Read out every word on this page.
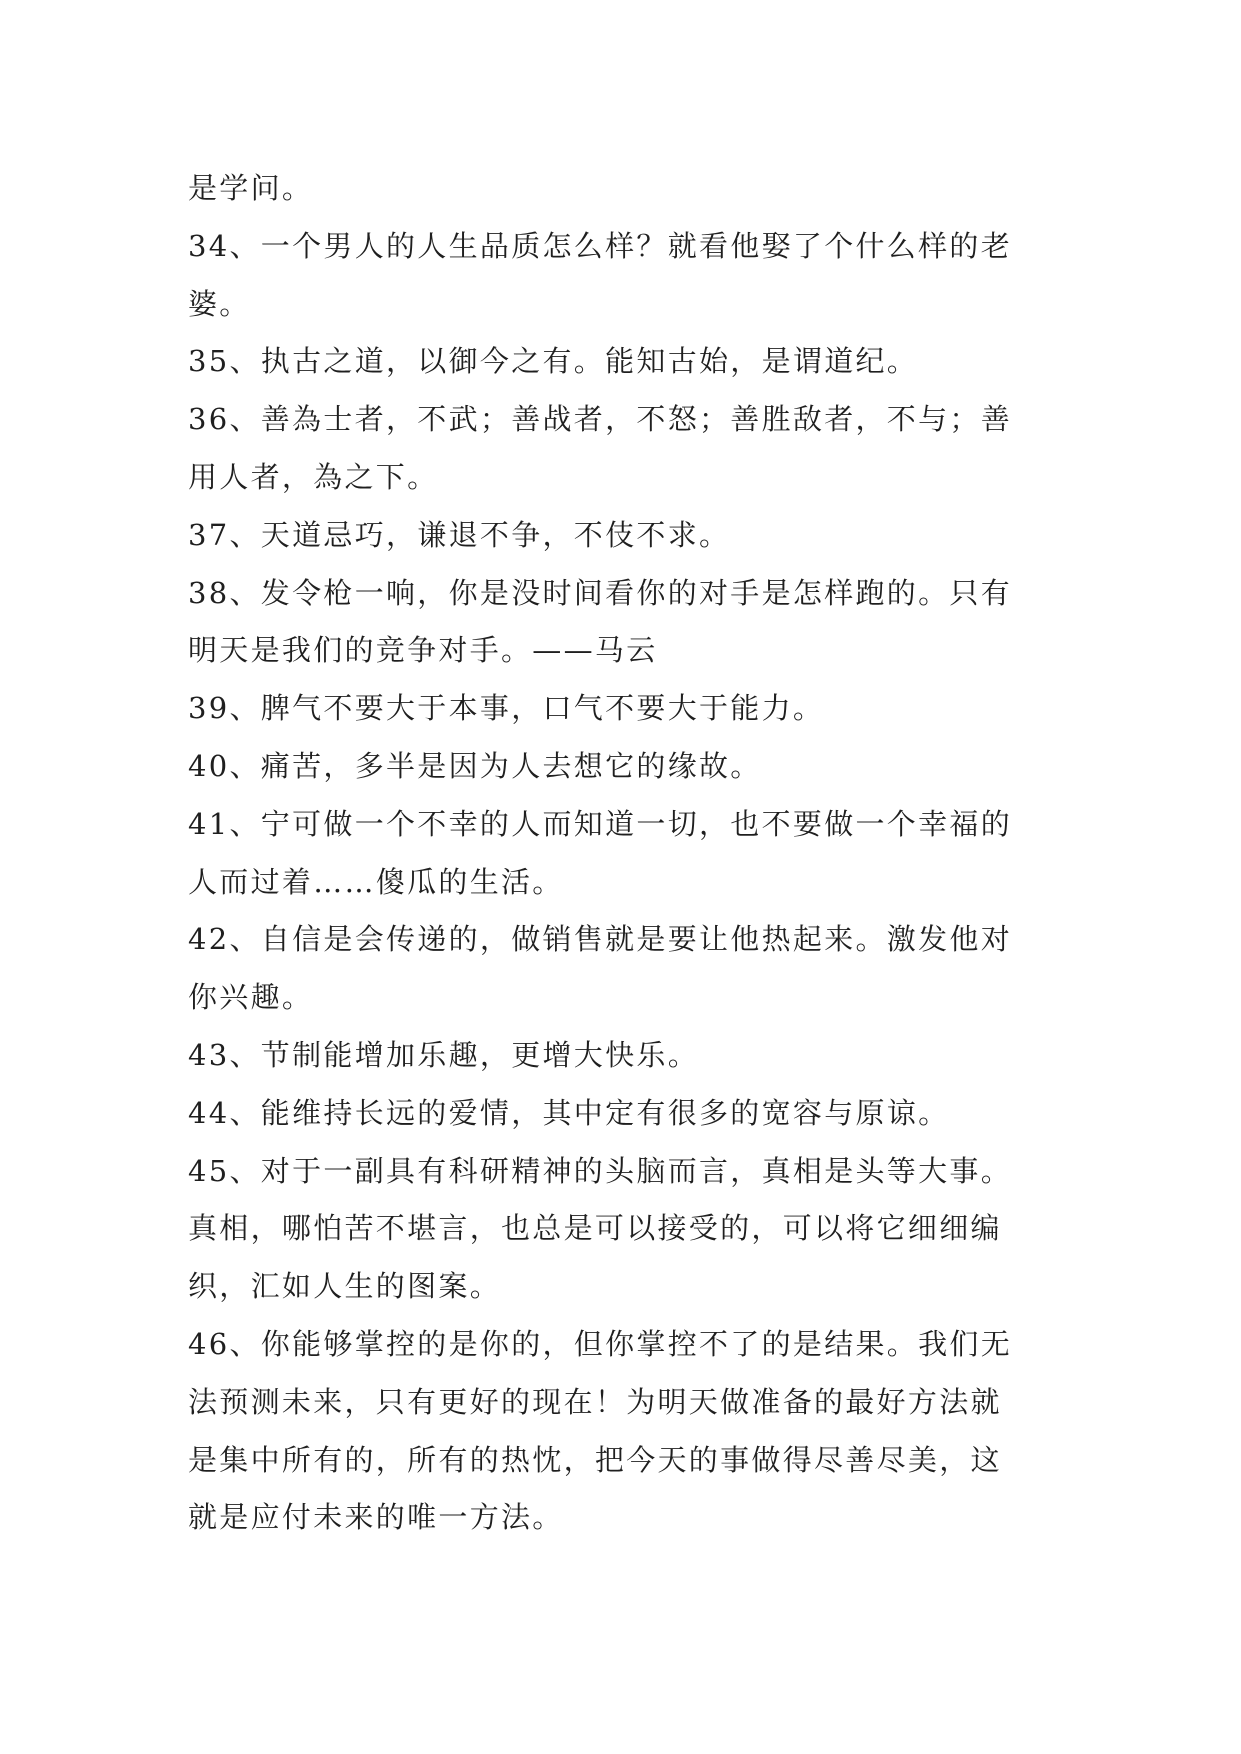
是学问。
34、一个男人的人生品质怎么样？就看他娶了个什么样的老
婆。
35、执古之道，以御今之有。能知古始，是谓道纪。
36、善為士者，不武；善战者，不怒；善胜敌者，不与；善
用人者，為之下。
37、天道忌巧，谦退不争，不伎不求。
38、发令枪一响，你是没时间看你的对手是怎样跑的。只有
明天是我们的竞争对手。——马云
39、脾气不要大于本事，口气不要大于能力。
40、痛苦，多半是因为人去想它的缘故。
41、宁可做一个不幸的人而知道一切，也不要做一个幸福的
人而过着……傻瓜的生活。
42、自信是会传递的，做销售就是要让他热起来。激发他对
你兴趣。
43、节制能增加乐趣，更增大快乐。
44、能维持长远的爱情，其中定有很多的宽容与原谅。
45、对于一副具有科研精神的头脑而言，真相是头等大事。
真相，哪怕苦不堪言，也总是可以接受的，可以将它细细编
织，汇如人生的图案。
46、你能够掌控的是你的，但你掌控不了的是结果。我们无
法预测未来，只有更好的现在！为明天做准备的最好方法就
是集中所有的，所有的热忱，把今天的事做得尽善尽美，这
就是应付未来的唯一方法。
